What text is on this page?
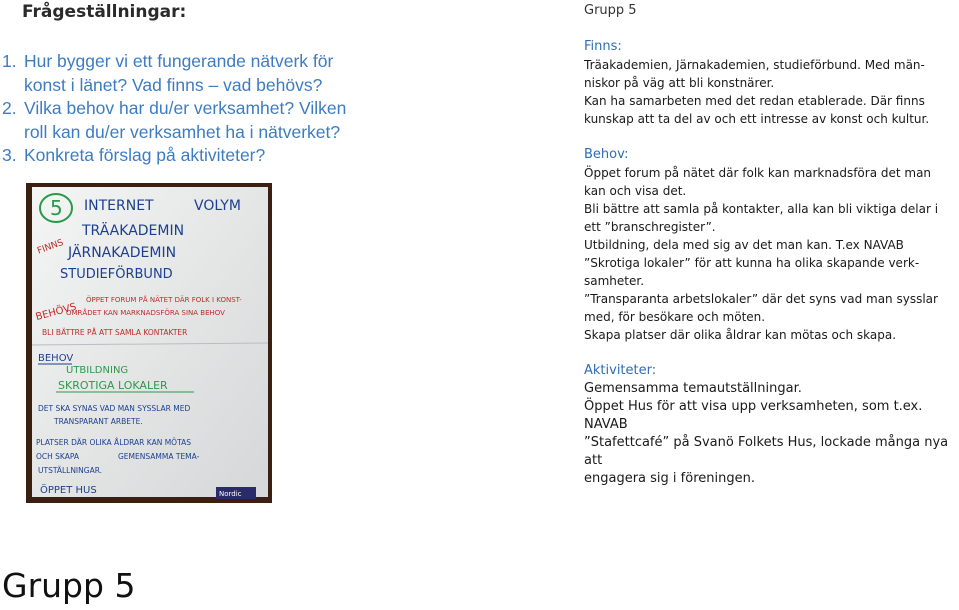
Frågeställningar:
1. Hur bygger vi ett fungerande nätverk för
konst i länet? Vad finns – vad behövs?
2. Vilka behov har du/er verksamhet? Vilken
roll kan du/er verksamhet ha i nätverket?
3. Konkreta förslag på aktiviteter?
5 INTERNET	VOLYM
FINNS
TRÄAKADEMIN
JÄRNAKADEMIN
STUDIEFÖRBUND
BEHÖVS
ÖPPET FORUM PÅ NÄTET DÄR FOLK I KONST-
OMRÅDET KAN MARKNADSFÖRA SINA BEHOV
BLI BÄTTRE PÅ ATT SAMLA KONTAKTER
BEHOV
UTBILDNING
SKROTIGA LOKALER
DET SKA SYNAS VAD MAN SYSSLAR MED
TRANSPARANT ARBETE.
PLATSER DÄR OLIKA ÅLDRAR KAN MÖTAS
OCH SKAPA	GEMENSAMMA TEMA-
UTSTÄLLNINGAR.
ÖPPET HUS	Nordic
Grupp 5
Finns:
Träakademien, Järnakademien, studieförbund. Med män-
niskor på väg att bli konstnärer.
Kan ha samarbeten med det redan etablerade. Där finns
kunskap att ta del av och ett intresse av konst och kultur.
Behov:
Öppet forum på nätet där folk kan marknadsföra det man
kan och visa det.
Bli bättre att samla på kontakter, alla kan bli viktiga delar i
ett ”branschregister”.
Utbildning, dela med sig av det man kan. T.ex NAVAB
”Skrotiga lokaler” för att kunna ha olika skapande verk-
samheter.
”Transparanta arbetslokaler” där det syns vad man sysslar
med, för besökare och möten.
Skapa platser där olika åldrar kan mötas och skapa.
Aktiviteter:
Gemensamma temautställningar.
Öppet Hus för att visa upp verksamheten, som t.ex. NAVAB
”Stafettcafé” på Svanö Folkets Hus, lockade många nya att
engagera sig i föreningen.
Grupp 5
